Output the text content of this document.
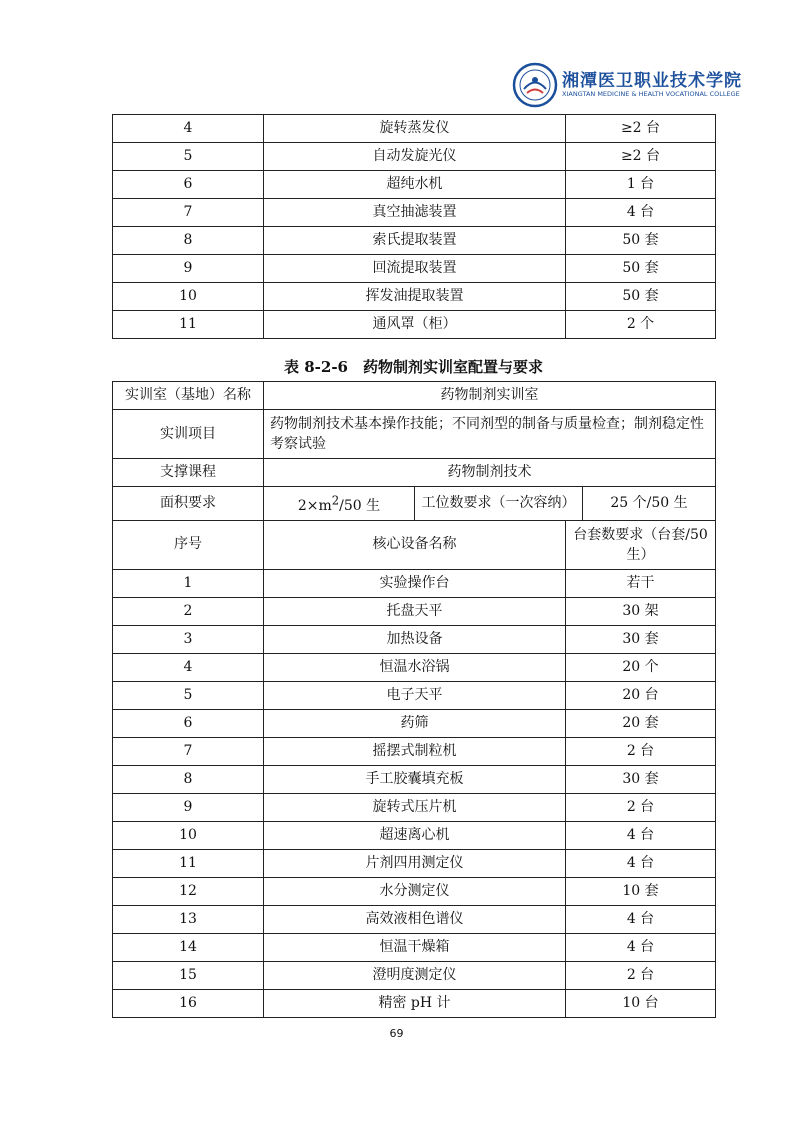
湘潭医卫职业技术学院
XIANGTAN MEDICINE & HEALTH VOCATIONAL COLLEGE
4	旋转蒸发仪	≥2 台
5	自动发旋光仪	≥2 台
6	超纯水机	1 台
7	真空抽滤装置	4 台
8	索氏提取装置	50 套
9	回流提取装置	50 套
10	挥发油提取装置	50 套
11	通风罩（柜）	2 个
表 8-2-6　药物制剂实训室配置与要求
实训室（基地）名称	药物制剂实训室			
实训项目	药物制剂技术基本操作技能；不同剂型的制备与质量检查；制剂稳定性考察试验			
支撑课程	药物制剂技术			
面积要求	$2\times m^2/50$ 生	工位数要求（一次容纳）		25 个/50 生
序号	核心设备名称		台套数要求（台套/50生）	
1	实验操作台		若干	
2	托盘天平		30 架	
3	加热设备		30 套	
4	恒温水浴锅		20 个	
5	电子天平		20 台	
6	药筛		20 套	
7	摇摆式制粒机		2 台	
8	手工胶囊填充板		30 套	
9	旋转式压片机		2 台	
10	超速离心机		4 台	
11	片剂四用测定仪		4 台	
12	水分测定仪		10 套	
13	高效液相色谱仪		4 台	
14	恒温干燥箱		4 台	
15	澄明度测定仪		2 台	
16	精密 pH 计		10 台	
69
